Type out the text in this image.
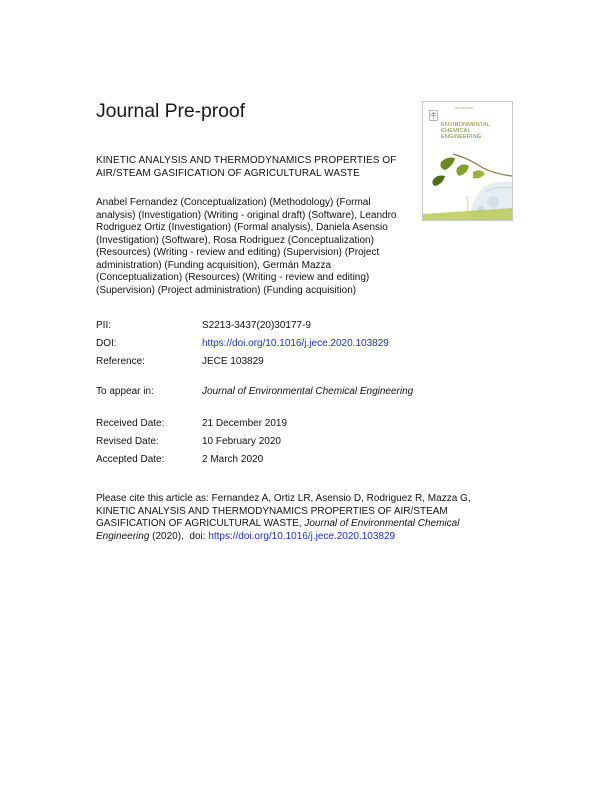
Journal Pre-proof
KINETIC ANALYSIS AND THERMODYNAMICS PROPERTIES OF
AIR/STEAM GASIFICATION OF AGRICULTURAL WASTE
Anabel Fernandez (Conceptualization) (Methodology) (Formal
analysis) (Investigation) (Writing - original draft) (Software), Leandro
Rodriguez Ortiz (Investigation) (Formal analysis), Daniela Asensio
(Investigation) (Software), Rosa Rodriguez (Conceptualization)
(Resources) (Writing - review and editing) (Supervision) (Project
administration) (Funding acquisition), Germán Mazza
(Conceptualization) (Resources) (Writing - review and editing)
(Supervision) (Project administration) (Funding acquisition)
ISSN 2213-3437
ENVIRONMENTAL
CHEMICAL
ENGINEERING
PII:	S2213-3437(20)30177-9
DOI:	https://doi.org/10.1016/j.jece.2020.103829
Reference:	JECE 103829
To appear in:	Journal of Environmental Chemical Engineering
Received Date:	21 December 2019
Revised Date:	10 February 2020
Accepted Date:	2 March 2020
Please cite this article as: Fernandez A, Ortiz LR, Asensio D, Rodriguez R, Mazza G,
KINETIC ANALYSIS AND THERMODYNAMICS PROPERTIES OF AIR/STEAM
GASIFICATION OF AGRICULTURAL WASTE, Journal of Environmental Chemical
Engineering (2020),  doi: https://doi.org/10.1016/j.jece.2020.103829
